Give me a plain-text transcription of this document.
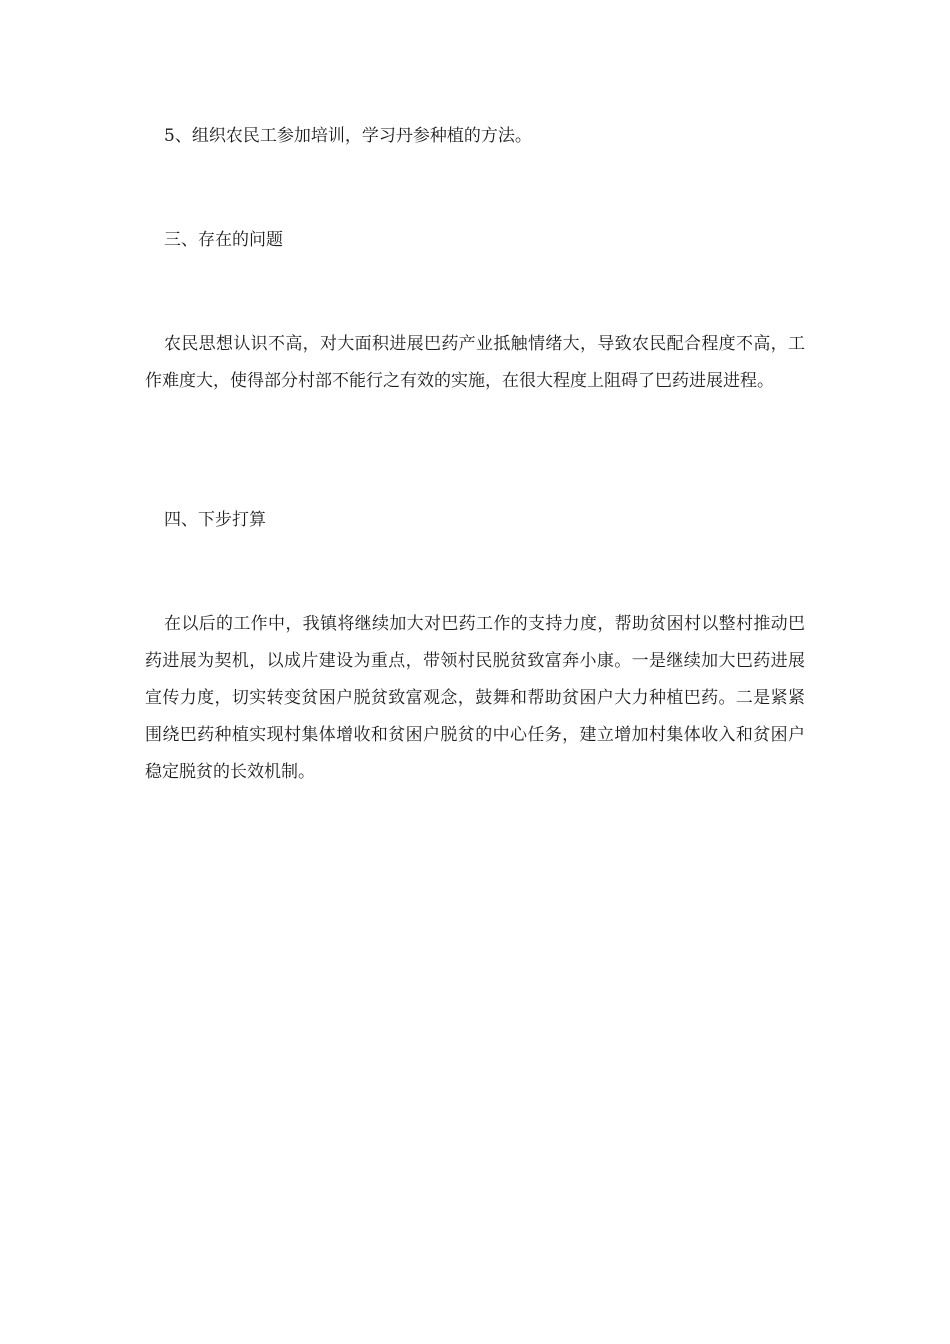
5、组织农民工参加培训，学习丹参种植的方法。

三、存在的问题

农民思想认识不高，对大面积进展巴药产业抵触情绪大，导致农民配合程度不高，工作难度大，使得部分村部不能行之有效的实施，在很大程度上阻碍了巴药进展进程。

四、下步打算

在以后的工作中，我镇将继续加大对巴药工作的支持力度，帮助贫困村以整村推动巴药进展为契机，以成片建设为重点，带领村民脱贫致富奔小康。一是继续加大巴药进展宣传力度，切实转变贫困户脱贫致富观念，鼓舞和帮助贫困户大力种植巴药。二是紧紧围绕巴药种植实现村集体增收和贫困户脱贫的中心任务，建立增加村集体收入和贫困户稳定脱贫的长效机制。
